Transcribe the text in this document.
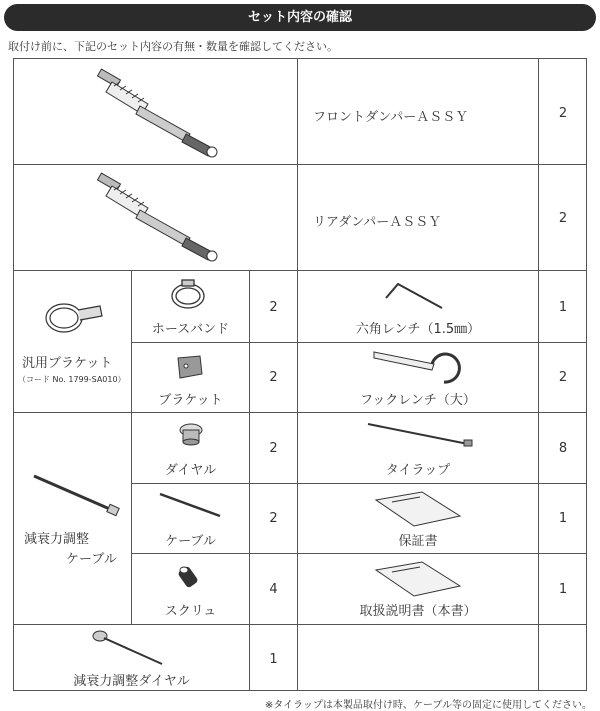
セット内容の確認
取付け前に、下記のセット内容の有無・数量を確認してください。
フロントダンパーＡＳＳＹ	2
リアダンパーＡＳＳＹ	2
汎用ブラケット
（コード No. 1799-SA010）
ホースバンド
2
六角レンチ（1.5㎜）
1
ブラケット
2
フックレンチ（大）
2
減衰力調整
ケーブル
ダイヤル
2
タイラップ
8
ケーブル
2
保証書
1
スクリュ
4
取扱説明書（本書）
1
減衰力調整ダイヤル
1
※タイラップは本製品取付け時、ケーブル等の固定に使用してください。
